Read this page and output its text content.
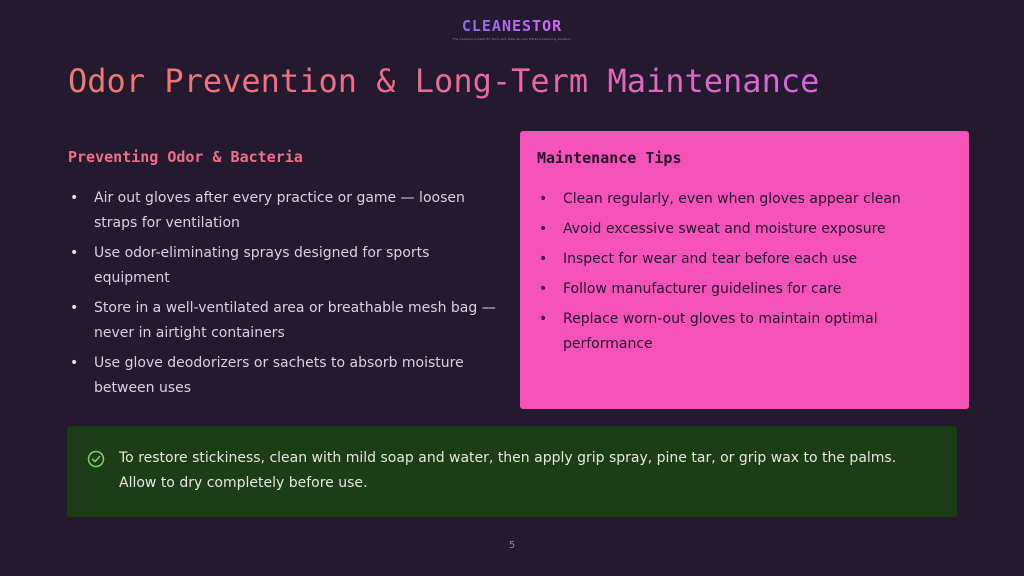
CLEANESTOR
The Leading Global Ed Tech and Data-Driven Edtech Learning Solution
Odor Prevention & Long-Term Maintenance
Preventing Odor & Bacteria
• Air out gloves after every practice or game — loosen straps for ventilation
• Use odor-eliminating sprays designed for sports equipment
• Store in a well-ventilated area or breathable mesh bag — never in airtight containers
• Use glove deodorizers or sachets to absorb moisture between uses
Maintenance Tips
• Clean regularly, even when gloves appear clean
• Avoid excessive sweat and moisture exposure
• Inspect for wear and tear before each use
• Follow manufacturer guidelines for care
• Replace worn-out gloves to maintain optimal performance

To restore stickiness, clean with mild soap and water, then apply grip spray, pine tar, or grip wax to the palms. Allow to dry completely before use.

5
